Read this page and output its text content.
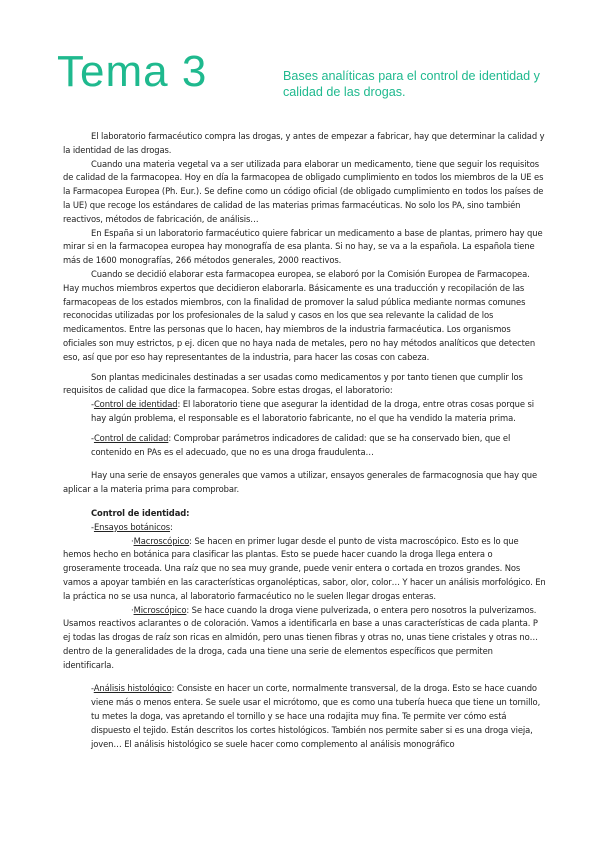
Tema 3	Bases analíticas para el control de identidad y calidad de las drogas.

El laboratorio farmacéutico compra las drogas, y antes de empezar a fabricar, hay que determinar la calidad y la identidad de las drogas.

Cuando una materia vegetal va a ser utilizada para elaborar un medicamento, tiene que seguir los requisitos de calidad de la farmacopea. Hoy en día la farmacopea de obligado cumplimiento en todos los miembros de la UE es la Farmacopea Europea (Ph. Eur.). Se define como un código oficial (de obligado cumplimiento en todos los países de la UE) que recoge los estándares de calidad de las materias primas farmacéuticas. No solo los PA, sino también reactivos, métodos de fabricación, de análisis…

En España si un laboratorio farmacéutico quiere fabricar un medicamento a base de plantas, primero hay que mirar si en la farmacopea europea hay monografía de esa planta. Si no hay, se va a la española. La española tiene más de 1600 monografías, 266 métodos generales, 2000 reactivos.

Cuando se decidió elaborar esta farmacopea europea, se elaboró por la Comisión Europea de Farmacopea. Hay muchos miembros expertos que decidieron elaborarla. Básicamente es una traducción y recopilación de las farmacopeas de los estados miembros, con la finalidad de promover la salud pública mediante normas comunes reconocidas utilizadas por los profesionales de la salud y casos en los que sea relevante la calidad de los medicamentos. Entre las personas que lo hacen, hay miembros de la industria farmacéutica. Los organismos oficiales son muy estrictos, p ej. dicen que no haya nada de metales, pero no hay métodos analíticos que detecten eso, así que por eso hay representantes de la industria, para hacer las cosas con cabeza.

Son plantas medicinales destinadas a ser usadas como medicamentos y por tanto tienen que cumplir los requisitos de calidad que dice la farmacopea. Sobre estas drogas, el laboratorio:

-Control de identidad: El laboratorio tiene que asegurar la identidad de la droga, entre otras cosas porque si hay algún problema, el responsable es el laboratorio fabricante, no el que ha vendido la materia prima.

-Control de calidad: Comprobar parámetros indicadores de calidad: que se ha conservado bien, que el contenido en PAs es el adecuado, que no es una droga fraudulenta…

Hay una serie de ensayos generales que vamos a utilizar, ensayos generales de farmacognosia que hay que aplicar a la materia prima para comprobar.

Control de identidad:

-Ensayos botánicos:

·Macroscópico: Se hacen en primer lugar desde el punto de vista macroscópico. Esto es lo que hemos hecho en botánica para clasificar las plantas. Esto se puede hacer cuando la droga llega entera o groseramente troceada. Una raíz que no sea muy grande, puede venir entera o cortada en trozos grandes. Nos vamos a apoyar también en las características organolépticas, sabor, olor, color… Y hacer un análisis morfológico. En la práctica no se usa nunca, al laboratorio farmacéutico no le suelen llegar drogas enteras.

·Microscópico: Se hace cuando la droga viene pulverizada, o entera pero nosotros la pulverizamos. Usamos reactivos aclarantes o de coloración. Vamos a identificarla en base a unas características de cada planta. P ej todas las drogas de raíz son ricas en almidón, pero unas tienen fibras y otras no, unas tiene cristales y otras no… dentro de la generalidades de la droga, cada una tiene una serie de elementos específicos que permiten identificarla.

-Análisis histológico: Consiste en hacer un corte, normalmente transversal, de la droga. Esto se hace cuando viene más o menos entera. Se suele usar el micrótomo, que es como una tubería hueca que tiene un tornillo, tu metes la doga, vas apretando el tornillo y se hace una rodajita muy fina. Te permite ver cómo está dispuesto el tejido. Están descritos los cortes histológicos. También nos permite saber si es una droga vieja, joven… El análisis histológico se suele hacer como complemento al análisis monográfico
